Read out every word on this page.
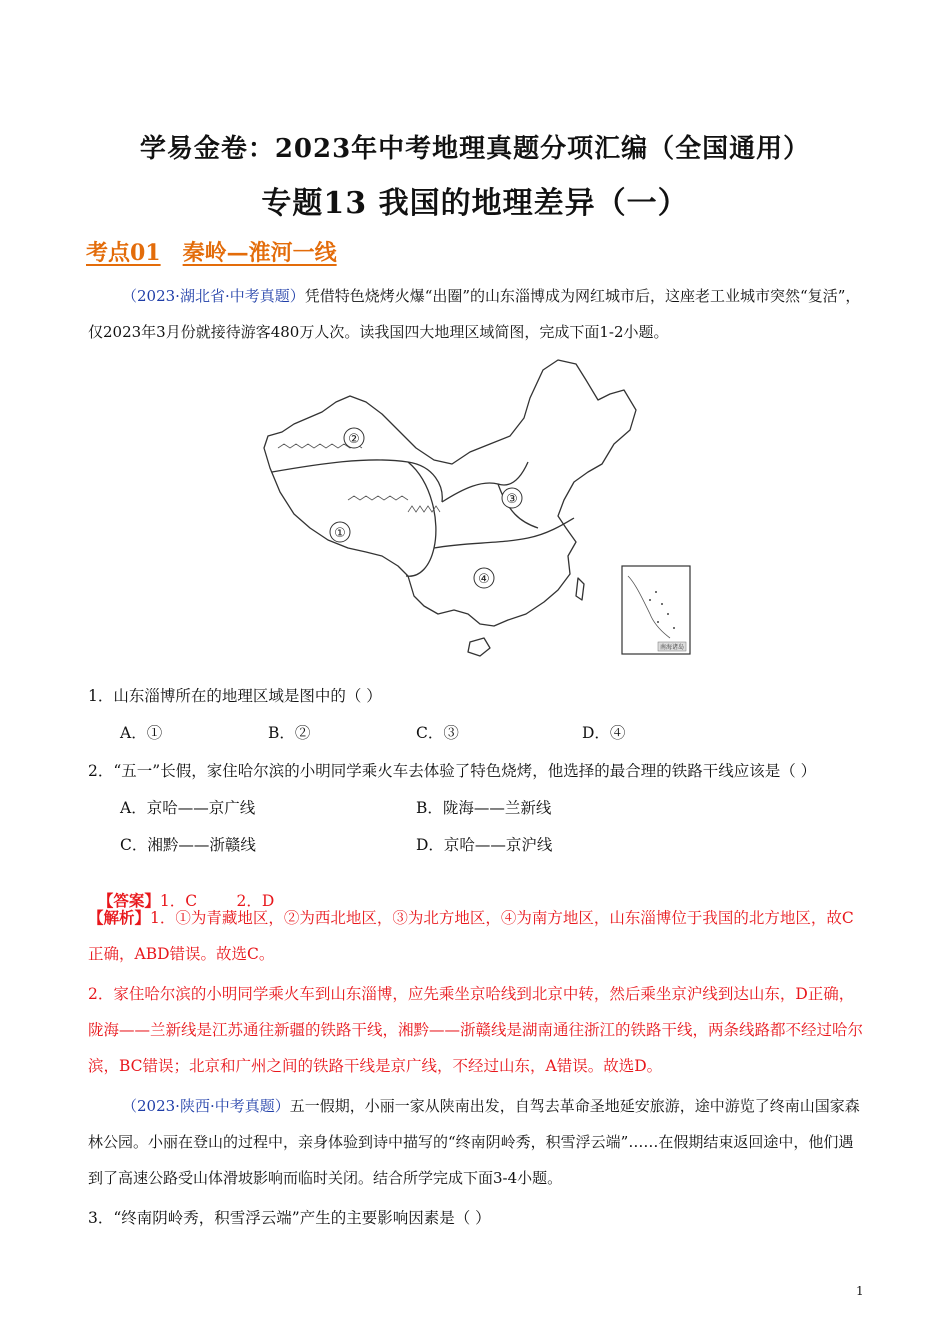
学易金卷：2023年中考地理真题分项汇编（全国通用）
专题13 我国的地理差异（一）
考点01 秦岭—淮河一线
（2023·湖北省·中考真题）凭借特色烧烤火爆“出圈”的山东淄博成为网红城市后，这座老工业城市突然“复活”，仅2023年3月份就接待游客480万人次。读我国四大地理区域简图，完成下面1-2小题。
①
②
③
④
南海诸岛
1．山东淄博所在的地理区域是图中的（ ）
A．①	B．②	C．③	D．④
2．“五一”长假，家住哈尔滨的小明同学乘火车去体验了特色烧烤，他选择的最合理的铁路干线应该是（ ）
A．京哈——京广线	B．陇海——兰新线
C．湘黔——浙赣线	D．京哈——京沪线

【答案】1．C        2．D

【解析】1．①为青藏地区，②为西北地区，③为北方地区，④为南方地区，山东淄博位于我国的北方地区，故C正确，ABD错误。故选C。
2．家住哈尔滨的小明同学乘火车到山东淄博，应先乘坐京哈线到北京中转，然后乘坐京沪线到达山东，D正确，陇海——兰新线是江苏通往新疆的铁路干线，湘黔——浙赣线是湖南通往浙江的铁路干线，两条线路都不经过哈尔滨，BC错误；北京和广州之间的铁路干线是京广线，不经过山东，A错误。故选D。
（2023·陕西·中考真题）五一假期，小丽一家从陕南出发，自驾去革命圣地延安旅游，途中游览了终南山国家森林公园。小丽在登山的过程中，亲身体验到诗中描写的“终南阴岭秀，积雪浮云端”……在假期结束返回途中，他们遇到了高速公路受山体滑坡影响而临时关闭。结合所学完成下面3-4小题。
3．“终南阴岭秀，积雪浮云端”产生的主要影响因素是（ ）
1
